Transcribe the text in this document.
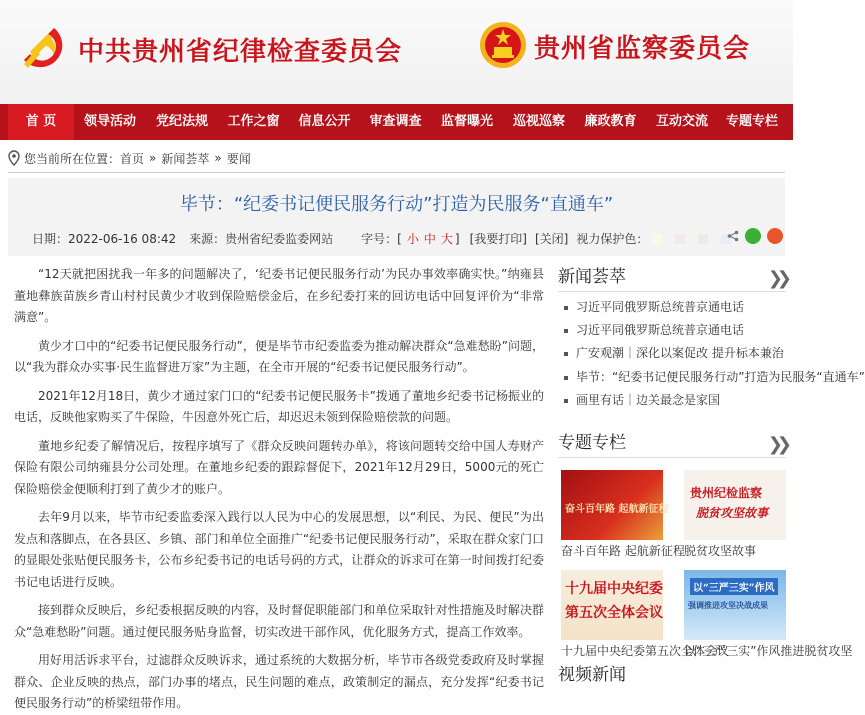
中共贵州省纪律检查委员会	贵州省监察委员会
首 页	领导活动	党纪法规	工作之窗	信息公开	审查调查	监督曝光	巡视巡察	廉政教育	互动交流	专题专栏
您当前所在位置： 首页 » 新闻荟萃 » 要闻
毕节：“纪委书记便民服务行动”打造为民服务“直通车”
日期：2022-06-16 08:42 来源：贵州省纪委监委网站 字号：[ 小 中 大 ] [我要打印] [关闭] 视力保护色：

“12天就把困扰我一年多的问题解决了，‘纪委书记便民服务行动’为民办事效率确实快。”纳雍县董地彝族苗族乡青山村村民黄少才收到保险赔偿金后，在乡纪委打来的回访电话中回复评价为“非常满意”。

黄少才口中的“纪委书记便民服务行动”，便是毕节市纪委监委为推动解决群众“急难愁盼”问题，以“我为群众办实事·民生监督进万家”为主题，在全市开展的“纪委书记便民服务行动”。

2021年12月18日，黄少才通过家门口的“纪委书记便民服务卡”拨通了董地乡纪委书记杨振业的电话，反映他家购买了牛保险，牛因意外死亡后，却迟迟未领到保险赔偿款的问题。

董地乡纪委了解情况后，按程序填写了《群众反映问题转办单》，将该问题转交给中国人寿财产保险有限公司纳雍县分公司处理。在董地乡纪委的跟踪督促下，2021年12月29日，5000元的死亡保险赔偿金便顺利打到了黄少才的账户。

去年9月以来，毕节市纪委监委深入践行以人民为中心的发展思想，以“利民、为民、便民”为出发点和落脚点，在各县区、乡镇、部门和单位全面推广“纪委书记便民服务行动”，采取在群众家门口的显眼处张贴便民服务卡，公布乡纪委书记的电话号码的方式，让群众的诉求可在第一时间拨打纪委书记电话进行反映。

接到群众反映后，乡纪委根据反映的内容，及时督促职能部门和单位采取针对性措施及时解决群众“急难愁盼”问题。通过便民服务贴身监督，切实改进干部作风，优化服务方式，提高工作效率。

用好用活诉求平台，过滤群众反映诉求，通过系统的大数据分析，毕节市各级党委政府及时掌握群众、企业反映的热点，部门办事的堵点，民生问题的难点，政策制定的漏点，充分发挥“纪委书记便民服务行动”的桥梁纽带作用。

新闻荟萃	❯❯
习近平同俄罗斯总统普京通电话
习近平同俄罗斯总统普京通电话
广安观潮｜深化以案促改 提升标本兼治
毕节：“纪委书记便民服务行动”打造为民服务“直通车”
画里有话｜边关最念是家国
专题专栏	❯❯
奋斗百年路 起航新征程
奋斗百年路 起航新征程
贵州纪检监察
脱贫攻坚故事
脱贫攻坚故事
十九届中央纪委
第五次全体会议
十九届中央纪委第五次全体会议
以“三严三实”作风
强调推进攻坚决战成果
以“三严三实”作风推进脱贫攻坚
视频新闻
